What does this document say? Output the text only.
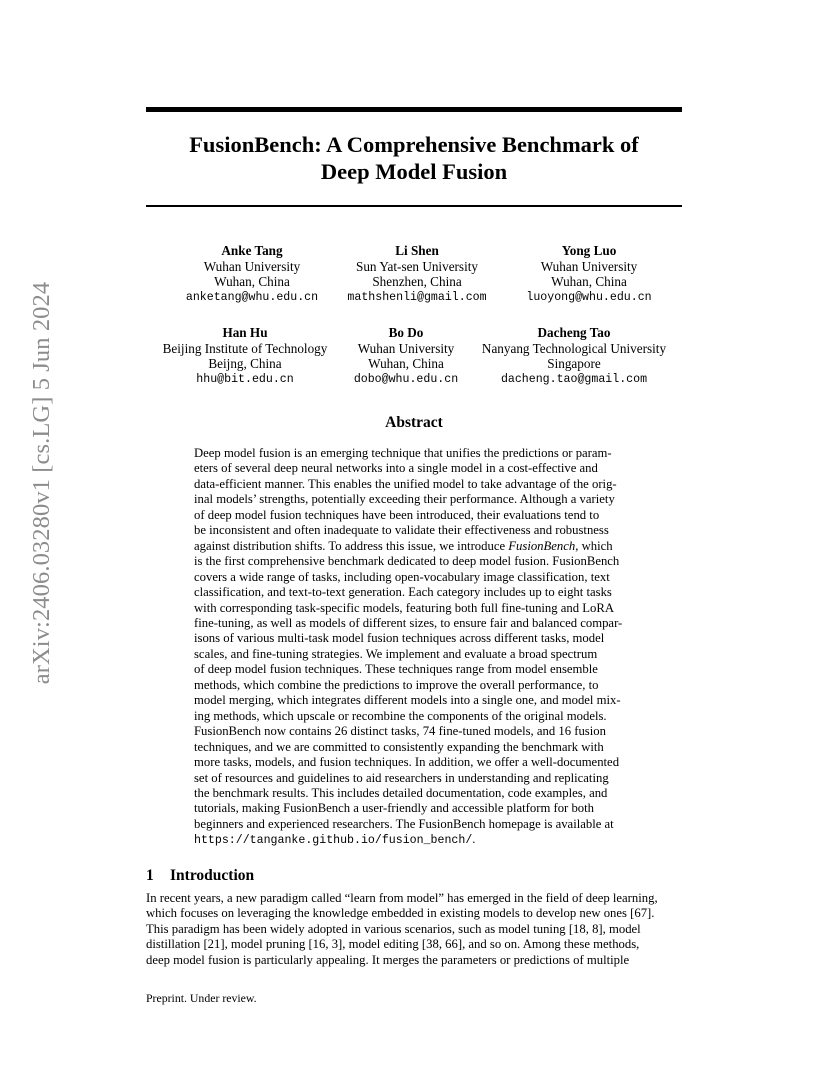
arXiv:2406.03280v1 [cs.LG] 5 Jun 2024
FusionBench: A Comprehensive Benchmark of
Deep Model Fusion
Anke Tang
Wuhan University
Wuhan, China
anketang@whu.edu.cn
Li Shen
Sun Yat-sen University
Shenzhen, China
mathshenli@gmail.com
Yong Luo
Wuhan University
Wuhan, China
luoyong@whu.edu.cn
Han Hu
Beijing Institute of Technology
Beijng, China
hhu@bit.edu.cn
Bo Do
Wuhan University
Wuhan, China
dobo@whu.edu.cn
Dacheng Tao
Nanyang Technological University
Singapore
dacheng.tao@gmail.com
Abstract
Deep model fusion is an emerging technique that unifies the predictions or param-
eters of several deep neural networks into a single model in a cost-effective and
data-efficient manner. This enables the unified model to take advantage of the orig-
inal models’ strengths, potentially exceeding their performance. Although a variety
of deep model fusion techniques have been introduced, their evaluations tend to
be inconsistent and often inadequate to validate their effectiveness and robustness
against distribution shifts. To address this issue, we introduce FusionBench, which
is the first comprehensive benchmark dedicated to deep model fusion. FusionBench
covers a wide range of tasks, including open-vocabulary image classification, text
classification, and text-to-text generation. Each category includes up to eight tasks
with corresponding task-specific models, featuring both full fine-tuning and LoRA
fine-tuning, as well as models of different sizes, to ensure fair and balanced compar-
isons of various multi-task model fusion techniques across different tasks, model
scales, and fine-tuning strategies. We implement and evaluate a broad spectrum
of deep model fusion techniques. These techniques range from model ensemble
methods, which combine the predictions to improve the overall performance, to
model merging, which integrates different models into a single one, and model mix-
ing methods, which upscale or recombine the components of the original models.
FusionBench now contains 26 distinct tasks, 74 fine-tuned models, and 16 fusion
techniques, and we are committed to consistently expanding the benchmark with
more tasks, models, and fusion techniques. In addition, we offer a well-documented
set of resources and guidelines to aid researchers in understanding and replicating
the benchmark results. This includes detailed documentation, code examples, and
tutorials, making FusionBench a user-friendly and accessible platform for both
beginners and experienced researchers. The FusionBench homepage is available at
https://tanganke.github.io/fusion_bench/.
1 Introduction
In recent years, a new paradigm called “learn from model” has emerged in the field of deep learning,
which focuses on leveraging the knowledge embedded in existing models to develop new ones [67].
This paradigm has been widely adopted in various scenarios, such as model tuning [18, 8], model
distillation [21], model pruning [16, 3], model editing [38, 66], and so on. Among these methods,
deep model fusion is particularly appealing. It merges the parameters or predictions of multiple
Preprint. Under review.
